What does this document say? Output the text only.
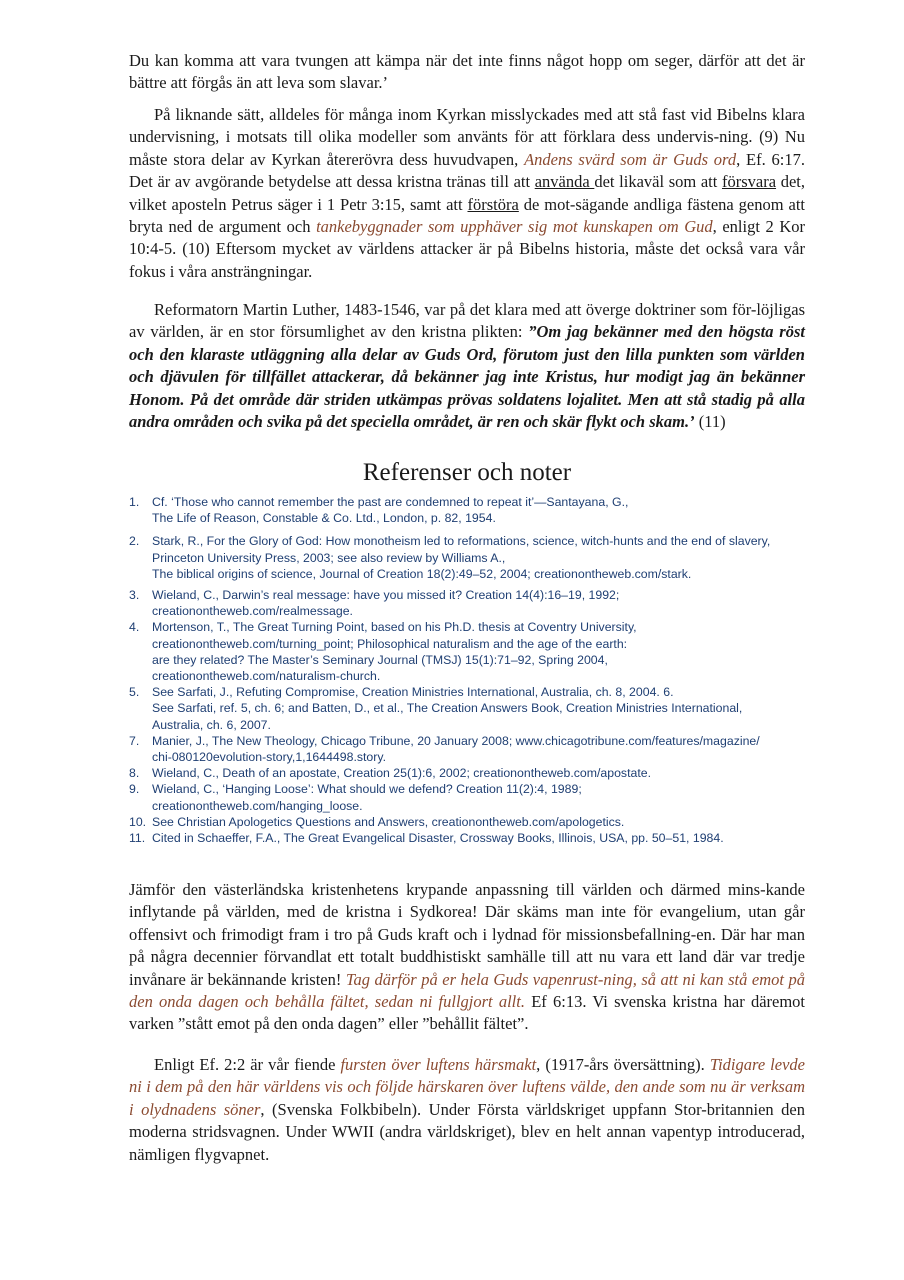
Du kan komma att vara tvungen att kämpa när det inte finns något hopp om seger, därför att det är bättre att förgås än att leva som slavar.’

På liknande sätt, alldeles för många inom Kyrkan misslyckades med att stå fast vid Bibelns klara undervisning, i motsats till olika modeller som använts för att förklara dess undervis-ning. (9) Nu måste stora delar av Kyrkan återerövra dess huvudvapen, Andens svärd som är Guds ord, Ef. 6:17. Det är av avgörande betydelse att dessa kristna tränas till att använda det likaväl som att försvara det, vilket aposteln Petrus säger i 1 Petr 3:15, samt att förstöra de mot-sägande andliga fästena genom att bryta ned de argument och tankebyggnader som upphäver sig mot kunskapen om Gud, enligt 2 Kor 10:4-5. (10) Eftersom mycket av världens attacker är på Bibelns historia, måste det också vara vår fokus i våra ansträngningar.

Reformatorn Martin Luther, 1483-1546, var på det klara med att överge doktriner som för-löjligas av världen, är en stor försumlighet av den kristna plikten: ”Om jag bekänner med den högsta röst och den klaraste utläggning alla delar av Guds Ord, förutom just den lilla punkten som världen och djävulen för tillfället attackerar, då bekänner jag inte Kristus, hur modigt jag än bekänner Honom. På det område där striden utkämpas prövas soldatens lojalitet. Men att stå stadig på alla andra områden och svika på det speciella området, är ren och skär flykt och skam.’ (11)

Referenser och noter
1. Cf. ‘Those who cannot remember the past are condemned to repeat it’—Santayana, G.,
The Life of Reason, Constable & Co. Ltd., London, p. 82, 1954.
2. Stark, R., For the Glory of God: How monotheism led to reformations, science, witch-hunts and the end of slavery,
Princeton University Press, 2003; see also review by Williams A.,
The biblical origins of science, Journal of Creation 18(2):49–52, 2004; creationontheweb.com/stark.
3. Wieland, C., Darwin’s real message: have you missed it? Creation 14(4):16–19, 1992;
creationontheweb.com/realmessage.
4. Mortenson, T., The Great Turning Point, based on his Ph.D. thesis at Coventry University,
creationontheweb.com/turning_point; Philosophical naturalism and the age of the earth:
are they related? The Master’s Seminary Journal (TMSJ) 15(1):71–92, Spring 2004,
creationontheweb.com/naturalism-church.
5. See Sarfati, J., Refuting Compromise, Creation Ministries International, Australia, ch. 8, 2004. 6.
See Sarfati, ref. 5, ch. 6; and Batten, D., et al., The Creation Answers Book, Creation Ministries International,
Australia, ch. 6, 2007.
7. Manier, J., The New Theology, Chicago Tribune, 20 January 2008; www.chicagotribune.com/features/magazine/
chi-080120evolution-story,1,1644498.story.
8. Wieland, C., Death of an apostate, Creation 25(1):6, 2002; creationontheweb.com/apostate.
9. Wieland, C., ‘Hanging Loose’: What should we defend? Creation 11(2):4, 1989;
creationontheweb.com/hanging_loose.
10. See Christian Apologetics Questions and Answers, creationontheweb.com/apologetics.
11. Cited in Schaeffer, F.A., The Great Evangelical Disaster, Crossway Books, Illinois, USA, pp. 50–51, 1984.

Jämför den västerländska kristenhetens krypande anpassning till världen och därmed mins-kande inflytande på världen, med de kristna i Sydkorea! Där skäms man inte för evangelium, utan går offensivt och frimodigt fram i tro på Guds kraft och i lydnad för missionsbefallning-en. Där har man på några decennier förvandlat ett totalt buddhistiskt samhälle till att nu vara ett land där var tredje invånare är bekännande kristen! Tag därför på er hela Guds vapenrust-ning, så att ni kan stå emot på den onda dagen och behålla fältet, sedan ni fullgjort allt. Ef 6:13. Vi svenska kristna har däremot varken ”stått emot på den onda dagen” eller ”behållit fältet”.

Enligt Ef. 2:2 är vår fiende fursten över luftens härsmakt, (1917-års översättning). Tidigare levde ni i dem på den här världens vis och följde härskaren över luftens välde, den ande som nu är verksam i olydnadens söner, (Svenska Folkbibeln). Under Första världskriget uppfann Stor-britannien den moderna stridsvagnen. Under WWII (andra världskriget), blev en helt annan vapentyp introducerad, nämligen flygvapnet.
